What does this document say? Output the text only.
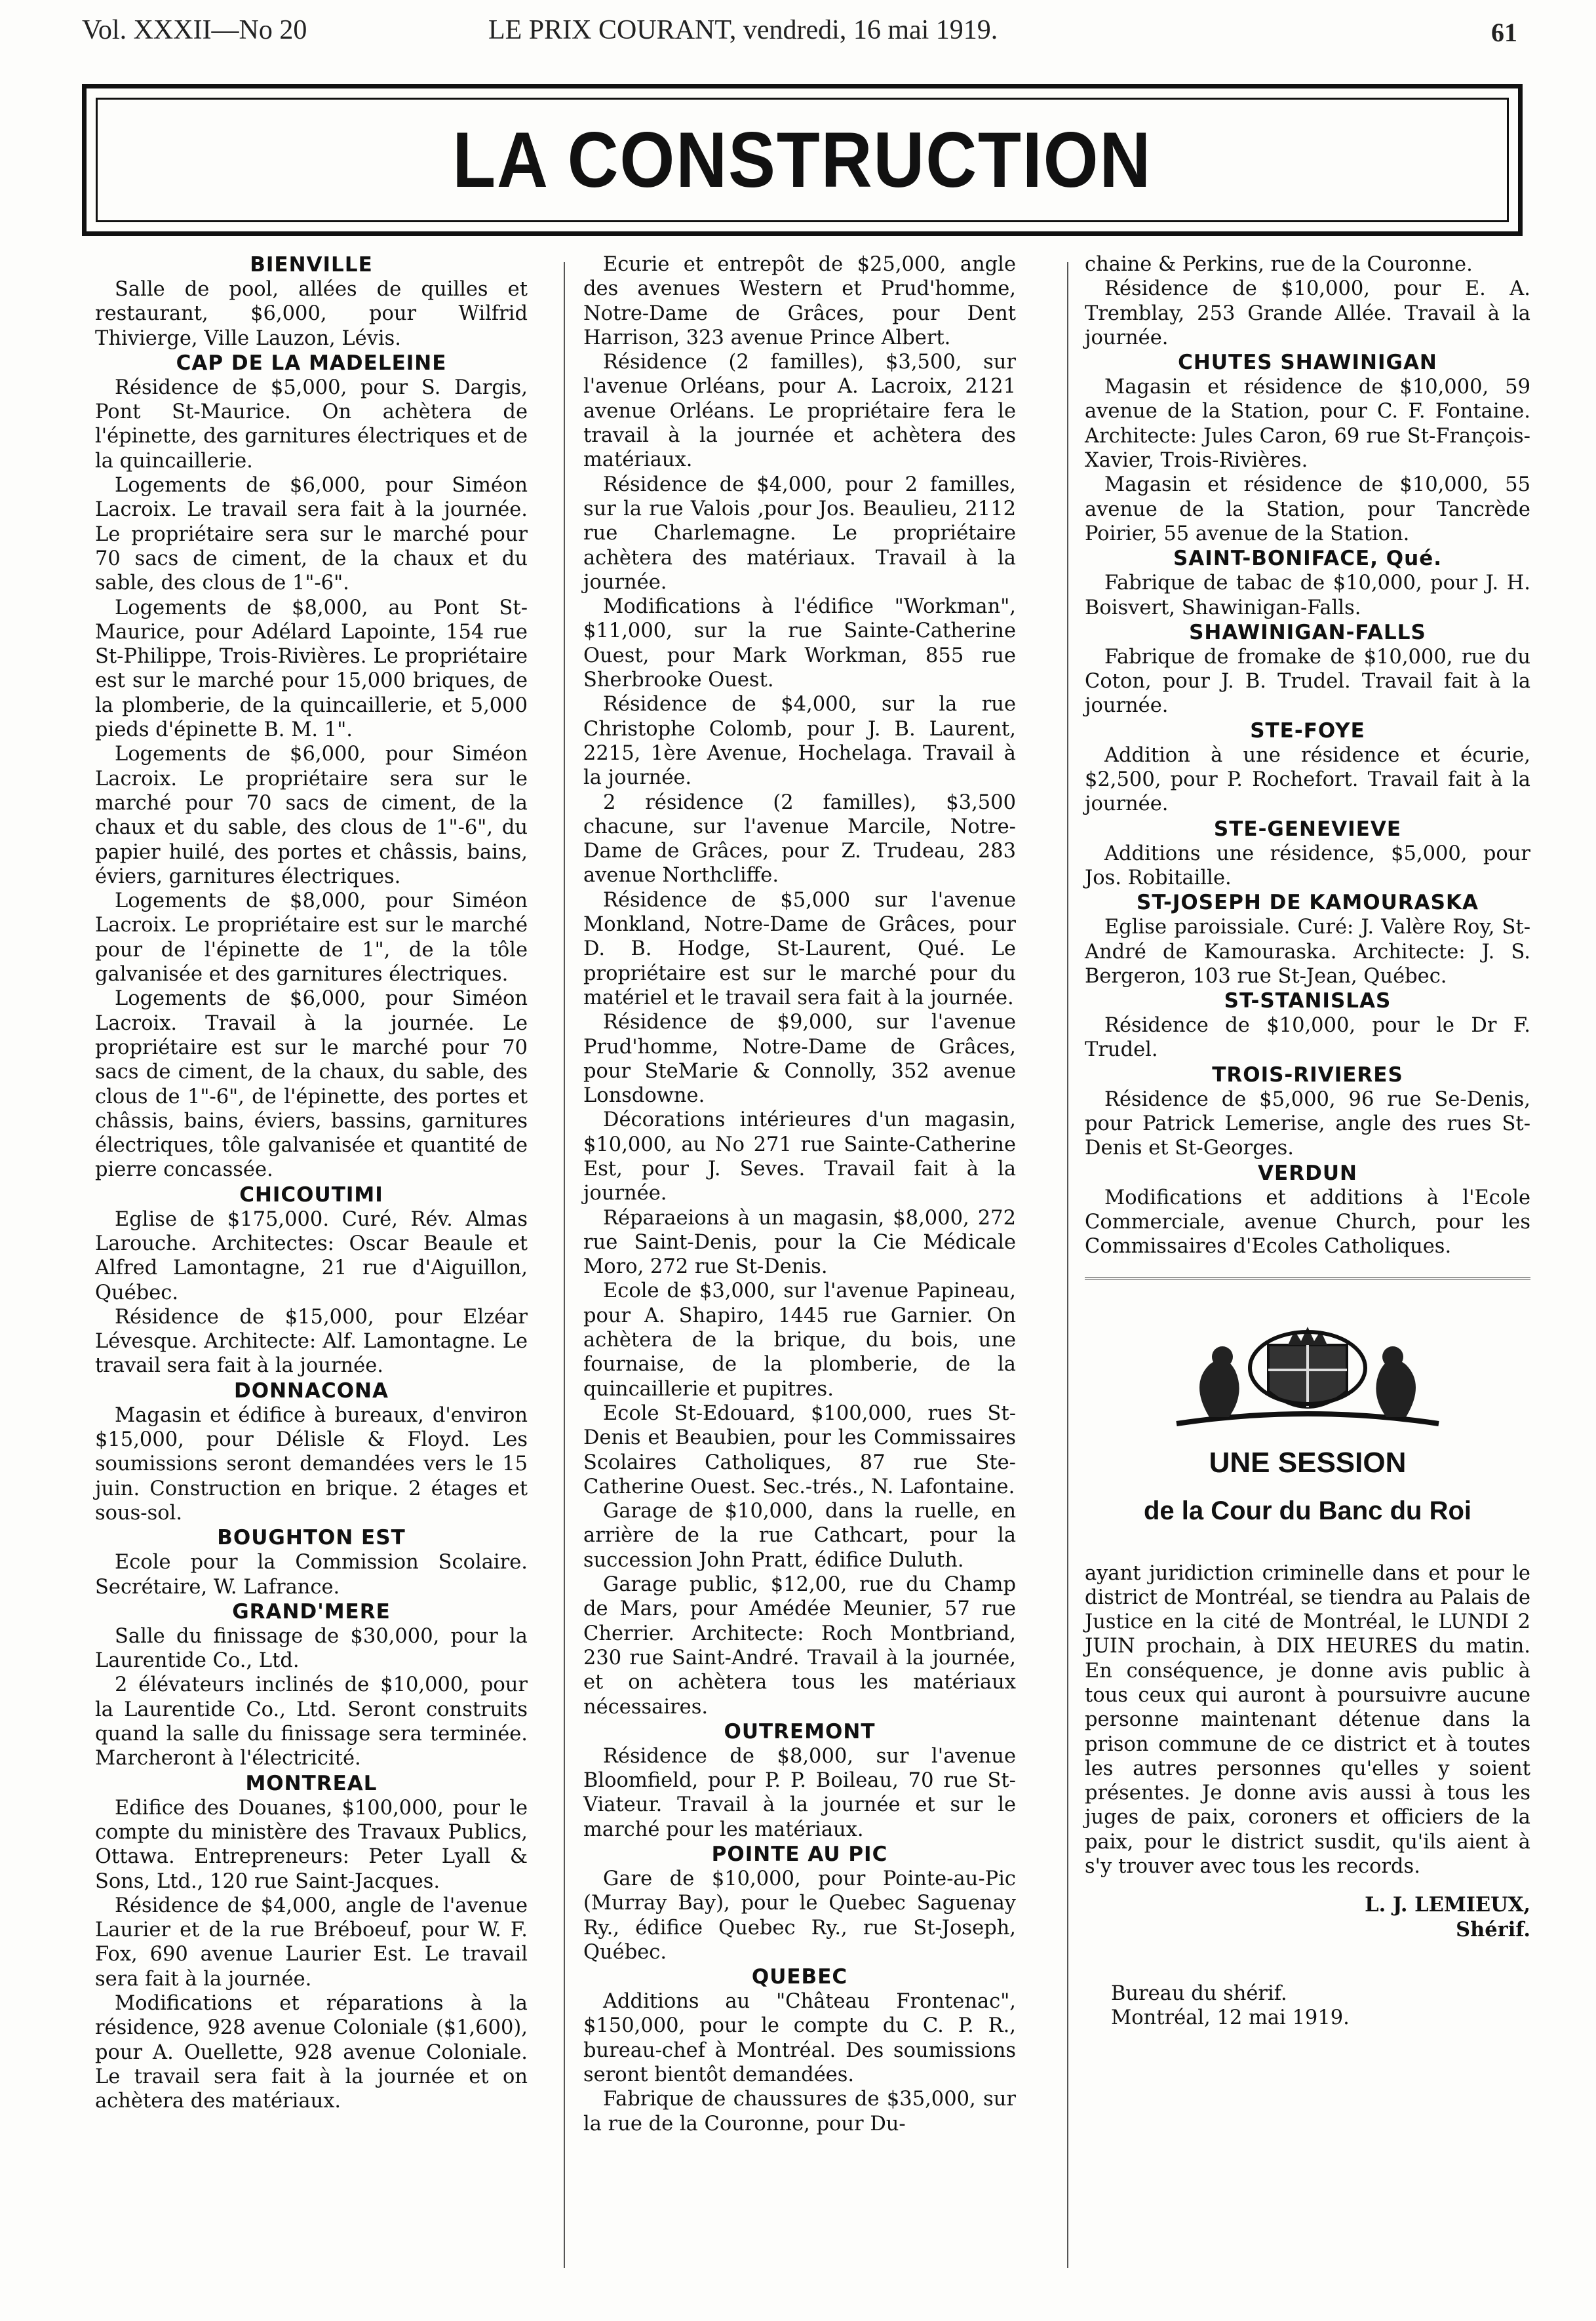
Vol. XXXII—No 20	LE PRIX COURANT, vendredi, 16 mai 1919.	61
LA CONSTRUCTION
BIENVILLE

Salle de pool, allées de quilles et restaurant, $6,000, pour Wilfrid Thivierge, Ville Lauzon, Lévis.

CAP DE LA MADELEINE

Résidence de $5,000, pour S. Dargis, Pont St-Maurice. On achètera de l'épinette, des garnitures électriques et de la quincaillerie.

Logements de $6,000, pour Siméon Lacroix. Le travail sera fait à la journée. Le propriétaire sera sur le marché pour 70 sacs de ciment, de la chaux et du sable, des clous de 1"-6".

Logements de $8,000, au Pont St-Maurice, pour Adélard Lapointe, 154 rue St-Philippe, Trois-Rivières. Le propriétaire est sur le marché pour 15,000 briques, de la plomberie, de la quincaillerie, et 5,000 pieds d'épinette B. M. 1".

Logements de $6,000, pour Siméon Lacroix. Le propriétaire sera sur le marché pour 70 sacs de ciment, de la chaux et du sable, des clous de 1"-6", du papier huilé, des portes et châssis, bains, éviers, garnitures électriques.

Logements de $8,000, pour Siméon Lacroix. Le propriétaire est sur le marché pour de l'épinette de 1", de la tôle galvanisée et des garnitures électriques.

Logements de $6,000, pour Siméon Lacroix. Travail à la journée. Le propriétaire est sur le marché pour 70 sacs de ciment, de la chaux, du sable, des clous de 1"-6", de l'épinette, des portes et châssis, bains, éviers, bassins, garnitures électriques, tôle galvanisée et quantité de pierre concassée.

CHICOUTIMI

Eglise de $175,000. Curé, Rév. Almas Larouche. Architectes: Oscar Beaule et Alfred Lamontagne, 21 rue d'Aiguillon, Québec.

Résidence de $15,000, pour Elzéar Lévesque. Architecte: Alf. Lamontagne. Le travail sera fait à la journée.

DONNACONA

Magasin et édifice à bureaux, d'environ $15,000, pour Délisle & Floyd. Les soumissions seront demandées vers le 15 juin. Construction en brique. 2 étages et sous-sol.

BOUGHTON EST

Ecole pour la Commission Scolaire. Secrétaire, W. Lafrance.

GRAND'MERE

Salle du finissage de $30,000, pour la Laurentide Co., Ltd.

2 élévateurs inclinés de $10,000, pour la Laurentide Co., Ltd. Seront construits quand la salle du finissage sera terminée. Marcheront à l'électricité.

MONTREAL

Edifice des Douanes, $100,000, pour le compte du ministère des Travaux Publics, Ottawa. Entrepreneurs: Peter Lyall & Sons, Ltd., 120 rue Saint-Jacques.

Résidence de $4,000, angle de l'avenue Laurier et de la rue Bréboeuf, pour W. F. Fox, 690 avenue Laurier Est. Le travail sera fait à la journée.

Modifications et réparations à la résidence, 928 avenue Coloniale ($1,600), pour A. Ouellette, 928 avenue Coloniale. Le travail sera fait à la journée et on achètera des matériaux.

Ecurie et entrepôt de $25,000, angle des avenues Western et Prud'homme, Notre-Dame de Grâces, pour Dent Harrison, 323 avenue Prince Albert.

Résidence (2 familles), $3,500, sur l'avenue Orléans, pour A. Lacroix, 2121 avenue Orléans. Le propriétaire fera le travail à la journée et achètera des matériaux.

Résidence de $4,000, pour 2 familles, sur la rue Valois ,pour Jos. Beaulieu, 2112 rue Charlemagne. Le propriétaire achètera des matériaux. Travail à la journée.

Modifications à l'édifice "Workman", $11,000, sur la rue Sainte-Catherine Ouest, pour Mark Workman, 855 rue Sherbrooke Ouest.

Résidence de $4,000, sur la rue Christophe Colomb, pour J. B. Laurent, 2215, 1ère Avenue, Hochelaga. Travail à la journée.

2 résidence (2 familles), $3,500 chacune, sur l'avenue Marcile, Notre-Dame de Grâces, pour Z. Trudeau, 283 avenue Northcliffe.

Résidence de $5,000 sur l'avenue Monkland, Notre-Dame de Grâces, pour D. B. Hodge, St-Laurent, Qué. Le propriétaire est sur le marché pour du matériel et le travail sera fait à la journée.

Résidence de $9,000, sur l'avenue Prud'homme, Notre-Dame de Grâces, pour SteMarie & Connolly, 352 avenue Lonsdowne.

Décorations intérieures d'un magasin, $10,000, au No 271 rue Sainte-Catherine Est, pour J. Seves. Travail fait à la journée.

Réparaeions à un magasin, $8,000, 272 rue Saint-Denis, pour la Cie Médicale Moro, 272 rue St-Denis.

Ecole de $3,000, sur l'avenue Papineau, pour A. Shapiro, 1445 rue Garnier. On achètera de la brique, du bois, une fournaise, de la plomberie, de la quincaillerie et pupitres.

Ecole St-Edouard, $100,000, rues St-Denis et Beaubien, pour les Commissaires Scolaires Catholiques, 87 rue Ste-Catherine Ouest. Sec.-trés., N. Lafontaine.

Garage de $10,000, dans la ruelle, en arrière de la rue Cathcart, pour la succession John Pratt, édifice Duluth.

Garage public, $12,00, rue du Champ de Mars, pour Amédée Meunier, 57 rue Cherrier. Architecte: Roch Montbriand, 230 rue Saint-André. Travail à la journée, et on achètera tous les matériaux nécessaires.

OUTREMONT

Résidence de $8,000, sur l'avenue Bloomfield, pour P. P. Boileau, 70 rue St-Viateur. Travail à la journée et sur le marché pour les matériaux.

POINTE AU PIC

Gare de $10,000, pour Pointe-au-Pic (Murray Bay), pour le Quebec Saguenay Ry., édifice Quebec Ry., rue St-Joseph, Québec.

QUEBEC

Additions au "Château Frontenac", $150,000, pour le compte du C. P. R., bureau-chef à Montréal. Des soumissions seront bientôt demandées.

Fabrique de chaussures de $35,000, sur la rue de la Couronne, pour Du-

chaine & Perkins, rue de la Couronne.

Résidence de $10,000, pour E. A. Tremblay, 253 Grande Allée. Travail à la journée.

CHUTES SHAWINIGAN

Magasin et résidence de $10,000, 59 avenue de la Station, pour C. F. Fontaine. Architecte: Jules Caron, 69 rue St-François-Xavier, Trois-Rivières.

Magasin et résidence de $10,000, 55 avenue de la Station, pour Tancrède Poirier, 55 avenue de la Station.

SAINT-BONIFACE, Qué.

Fabrique de tabac de $10,000, pour J. H. Boisvert, Shawinigan-Falls.

SHAWINIGAN-FALLS

Fabrique de fromake de $10,000, rue du Coton, pour J. B. Trudel. Travail fait à la journée.

STE-FOYE

Addition à une résidence et écurie, $2,500, pour P. Rochefort. Travail fait à la journée.

STE-GENEVIEVE

Additions une résidence, $5,000, pour Jos. Robitaille.

ST-JOSEPH DE KAMOURASKA

Eglise paroissiale. Curé: J. Valère Roy, St-André de Kamouraska. Architecte: J. S. Bergeron, 103 rue St-Jean, Québec.

ST-STANISLAS

Résidence de $10,000, pour le Dr F. Trudel.

TROIS-RIVIERES

Résidence de $5,000, 96 rue Se-Denis, pour Patrick Lemerise, angle des rues St-Denis et St-Georges.

VERDUN

Modifications et additions à l'Ecole Commerciale, avenue Church, pour les Commissaires d'Ecoles Catholiques.

UNE SESSION
de la Cour du Banc du Roi

ayant juridiction criminelle dans et pour le district de Montréal, se tiendra au Palais de Justice en la cité de Montréal, le LUNDI 2 JUIN prochain, à DIX HEURES du matin. En conséquence, je donne avis public à tous ceux qui auront à poursuivre aucune personne maintenant détenue dans la prison commune de ce district et à toutes les autres personnes qu'elles y soient présentes. Je donne avis aussi à tous les juges de paix, coroners et officiers de la paix, pour le district susdit, qu'ils aient à s'y trouver avec tous les records.

L. J. LEMIEUX,

Shérif.

Bureau du shérif.

Montréal, 12 mai 1919.
